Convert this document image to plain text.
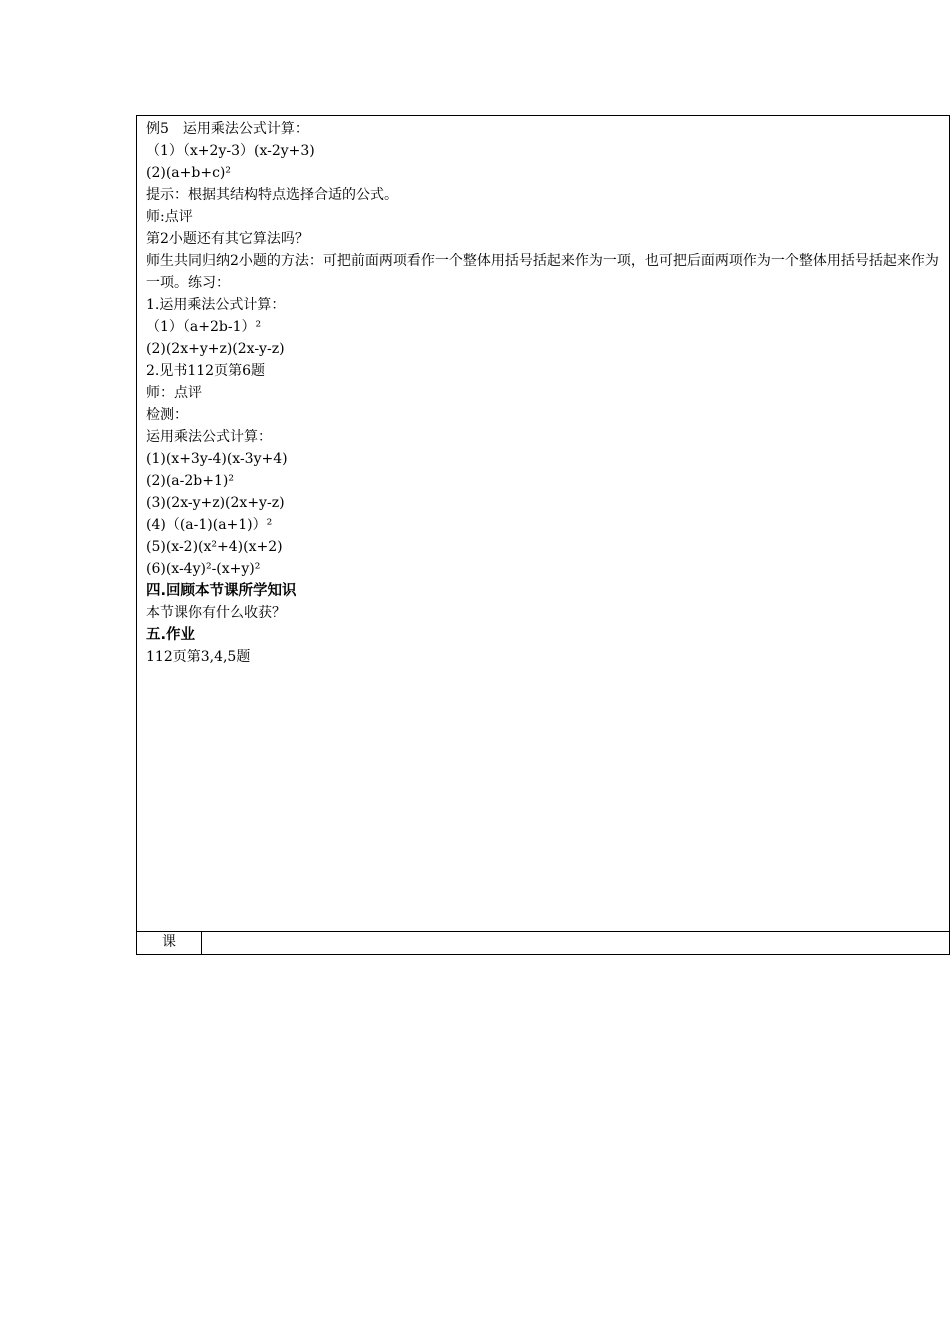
例5　运用乘法公式计算：
（1）（x+2y-3）(x-2y+3)
(2)(a+b+c)²
提示：根据其结构特点选择合适的公式。
师:点评
第2小题还有其它算法吗？
师生共同归纳2小题的方法：可把前面两项看作一个整体用括号括起来作为一项，也可把后面两项作为一个整体用括号括起来作为一项。练习：
1.运用乘法公式计算：
（1）（a+2b-1）²
(2)(2x+y+z)(2x-y-z)
2.见书112页第6题
师：点评
检测：
运用乘法公式计算：
(1)(x+3y-4)(x-3y+4)
(2)(a-2b+1)²
(3)(2x-y+z)(2x+y-z)
(4)（(a-1)(a+1)）²
(5)(x-2)(x²+4)(x+2)
(6)(x-4y)²-(x+y)²
四.回顾本节课所学知识
本节课你有什么收获？
五.作业
112页第3,4,5题
课
